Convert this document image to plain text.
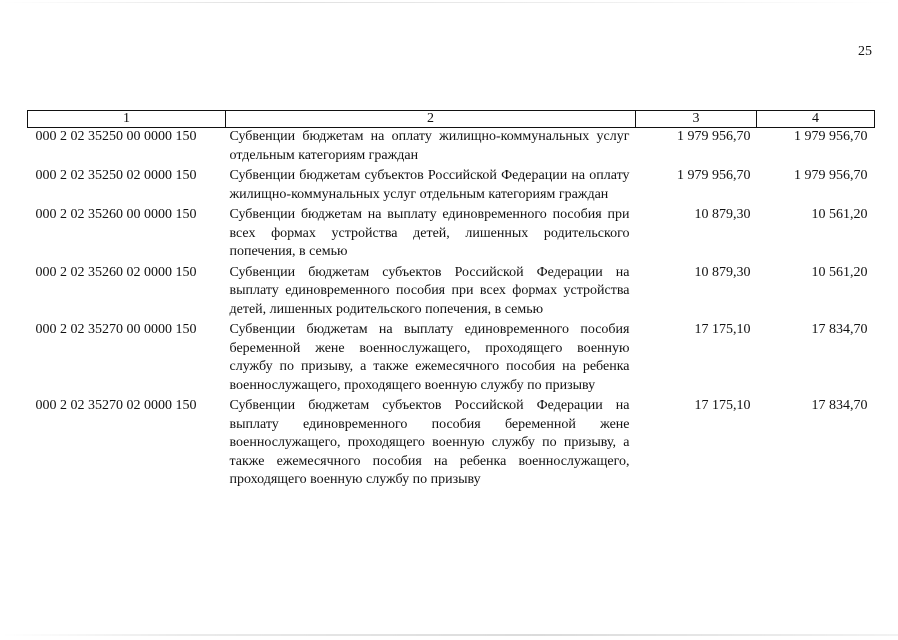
25
1	2	3	4
000 2 02 35250 00 0000 150	Субвенции бюджетам на оплату жилищно-коммунальных услуг отдельным категориям граждан	1 979 956,70	1 979 956,70
000 2 02 35250 02 0000 150	Субвенции бюджетам субъектов Российской Федерации на оплату жилищно-коммунальных услуг отдельным категориям граждан	1 979 956,70	1 979 956,70
000 2 02 35260 00 0000 150	Субвенции бюджетам на выплату единовременного пособия при всех формах устройства детей, лишенных родительского попечения, в семью	10 879,30	10 561,20
000 2 02 35260 02 0000 150	Субвенции бюджетам субъектов Российской Федерации на выплату единовременного пособия при всех формах устройства детей, лишенных родительского попечения, в семью	10 879,30	10 561,20
000 2 02 35270 00 0000 150	Субвенции бюджетам на выплату единовременного пособия беременной жене военнослужащего, проходящего военную службу по призыву, а также ежемесячного пособия на ребенка военнослужащего, проходящего военную службу по призыву	17 175,10	17 834,70
000 2 02 35270 02 0000 150	Субвенции бюджетам субъектов Российской Федерации на выплату единовременного пособия беременной жене военнослужащего, проходящего военную службу по призыву, а также ежемесячного пособия на ребенка военнослужащего, проходящего военную службу по призыву	17 175,10	17 834,70
